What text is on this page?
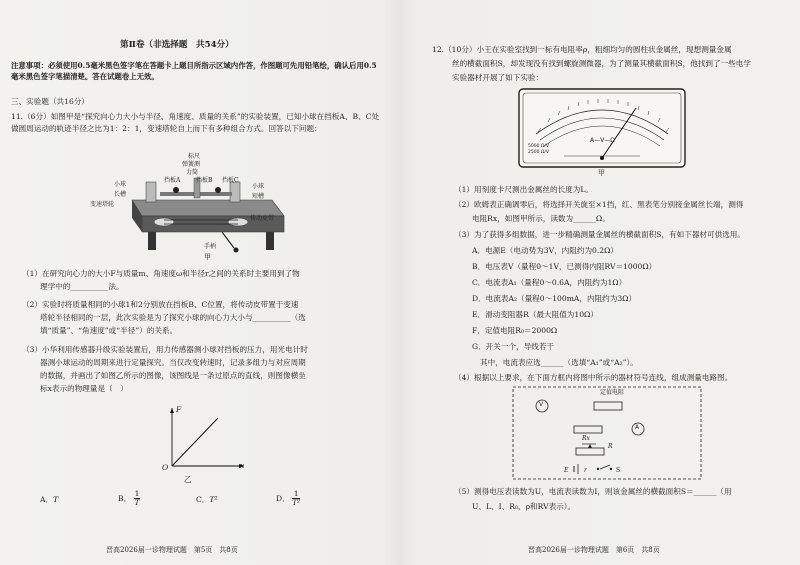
第Ⅱ卷（非选择题　共54分）
注意事项：必须使用0.5毫米黑色签字笔在答题卡上题目所指示区域内作答，作图题可先用铅笔绘，确认后用0.5毫米黑色签字笔描清楚。答在试题卷上无效。
三、实验题（共16分）
11.（6分）如图甲是“探究向心力大小与半径、角速度、质量的关系”的实验装置，已知小球在挡板A、B、C处做圆周运动的轨迹半径之比为1：2：1，变速塔轮自上而下有多种组合方式。回答以下问题：
标尺
弹簧测
力筒
挡板A	挡板B 挡板C
小球
长槽
变速塔轮
小球
短槽
传动皮带
手柄
甲
（1）在研究向心力的大小F与质量m、角速度ω和半径r之间的关系时主要用到了物
理学中的__________法。
（2）实验时将质量相同的小球1和2分别放在挡板B、C位置，将传动皮带置于变速
塔轮半径相同的一层，此次实验是为了探究小球的向心力大小与__________（选
填“质量”、“角速度”或“半径”）的关系。
（3）小华利用传感器升级实验装置后，用力传感器测小球对挡板的压力，用光电计时
器测小球运动的周期来进行定量探究。当仅改变转速时，记录多组力与对应周期
的数据，并画出了如图乙所示的图像，该图线是一条过原点的直线，则图像横坐
标x表示的物理量是（　）
F
O	x
乙
A．T	B． $\frac{1}{T}$	C．T²	D． $\frac{1}{\text{T²}}$
晋高2026届一诊物理试题　第5页　共8页
12.（10分）小王在实验室找到一标有电阻率ρ，粗细均匀的圆柱状金属丝，现想测量金属
丝的横截面积S，却发现没有找到螺旋测微器，为了测量其横截面积S，他找到了一些电学
实验器材开展了如下实验：
A—V—Ω
5000 Ω/V
2500 Ω/V
甲
（1）用刻度卡尺测出金属丝的长度为L。
（2）欧姆表正确调零后，将选择开关旋至×1挡，红、黑表笔分别接金属丝长端，测得
电阻Rx，如图甲所示，读数为______Ω。
（3）为了获得多组数据，进一步精确测量金属丝的横截面积S，有如下器材可供选用。
A．电源E（电动势为3V，内阻约为0.2Ω）
B．电压表V（量程0～1V，已测得内阻RV＝1000Ω）
C．电流表A₁（量程0～0.6A，内阻约为1Ω）
D．电流表A₂（量程0～100mA，内阻约为3Ω）
E．滑动变阻器R（最大阻值为10Ω）
F．定值电阻R₀＝2000Ω
G．开关一个，导线若干
其中，电流表应选______（选填“A₁”或“A₂”）。
（4）根据以上要求，在下面方框内将图中所示的器材符号连线，组成测量电路图。
定值电阻
V
A
Rx
R
E	r	S
（5）测得电压表读数为U，电流表读数为I，则该金属丝的横截面积S＝______（用
U、L、I、R₀、ρ和RV表示）。
晋高2026届一诊物理试题　第6页　共8页
